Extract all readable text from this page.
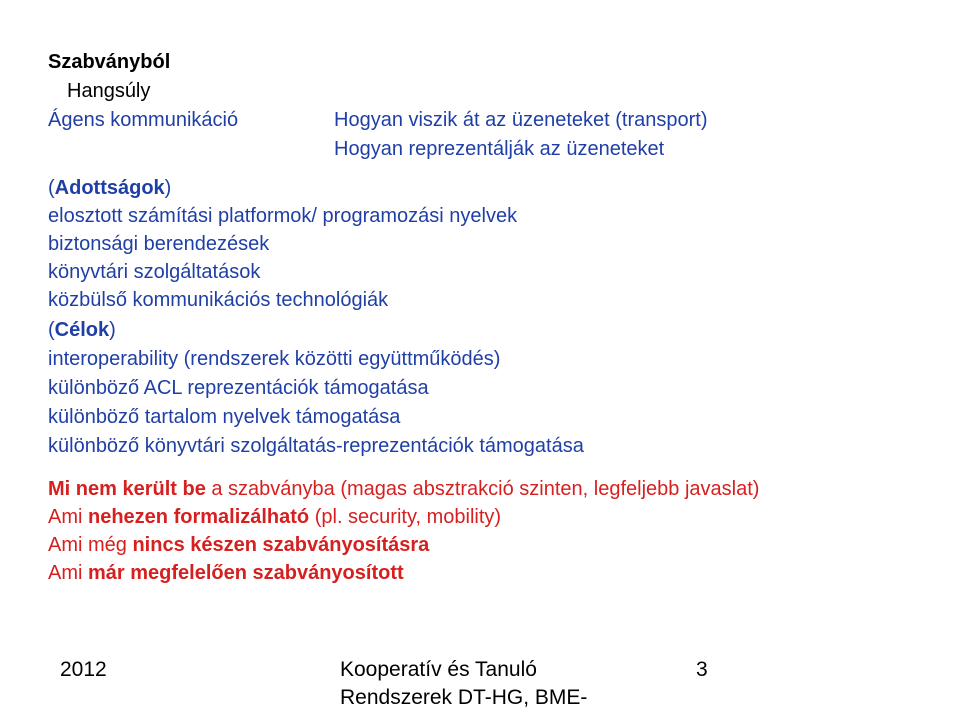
Szabványból
Hangsúly
Ágens kommunikáció	Hogyan viszik át az üzeneteket (transport)
Hogyan reprezentálják az üzeneteket
(Adottságok)
elosztott számítási platformok/ programozási nyelvek
biztonsági berendezések
könyvtári szolgáltatások
közbülső kommunikációs technológiák
(Célok)
interoperability (rendszerek közötti együttműködés)
különböző ACL reprezentációk támogatása
különböző tartalom nyelvek támogatása
különböző könyvtári szolgáltatás-reprezentációk támogatása
Mi nem került be a szabványba (magas absztrakció szinten, legfeljebb javaslat)
Ami nehezen formalizálható (pl. security, mobility)
Ami még nincs készen szabványosításra
Ami már megfelelően szabványosított
2012	Kooperatív és Tanuló
Rendszerek DT-HG, BME-
3
